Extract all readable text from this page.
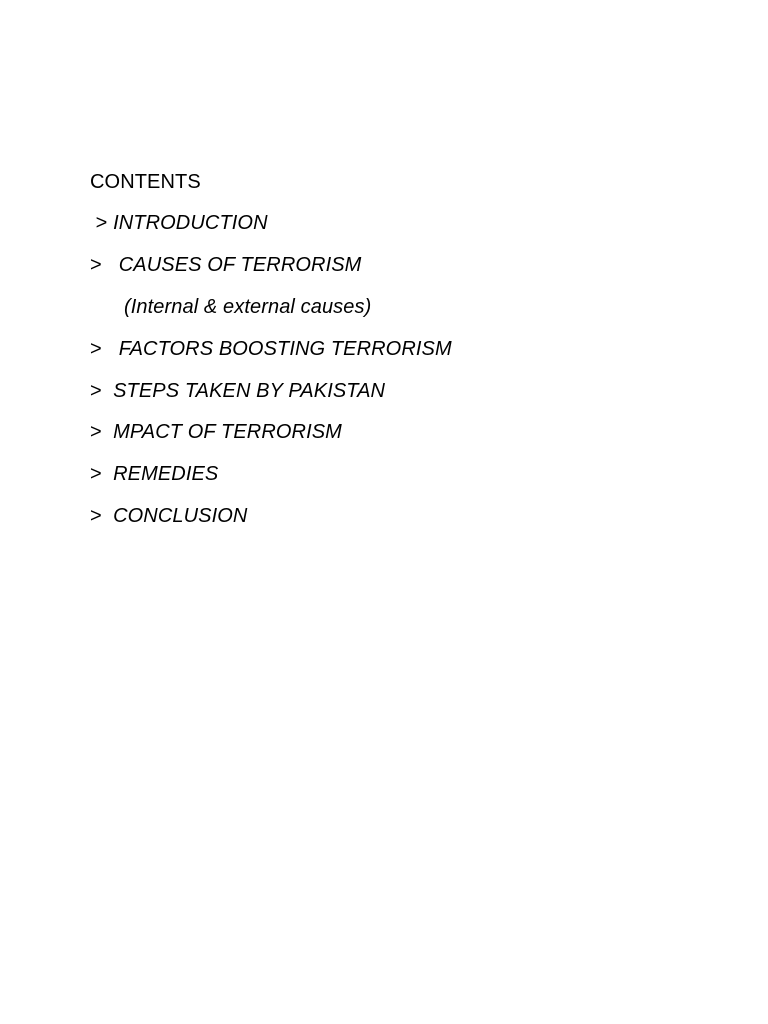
CONTENTS
> INTRODUCTION
>   CAUSES OF TERRORISM
(Internal & external causes)
>   FACTORS BOOSTING TERRORISM
>  STEPS TAKEN BY PAKISTAN
>  MPACT OF TERRORISM
>  REMEDIES
>  CONCLUSION
